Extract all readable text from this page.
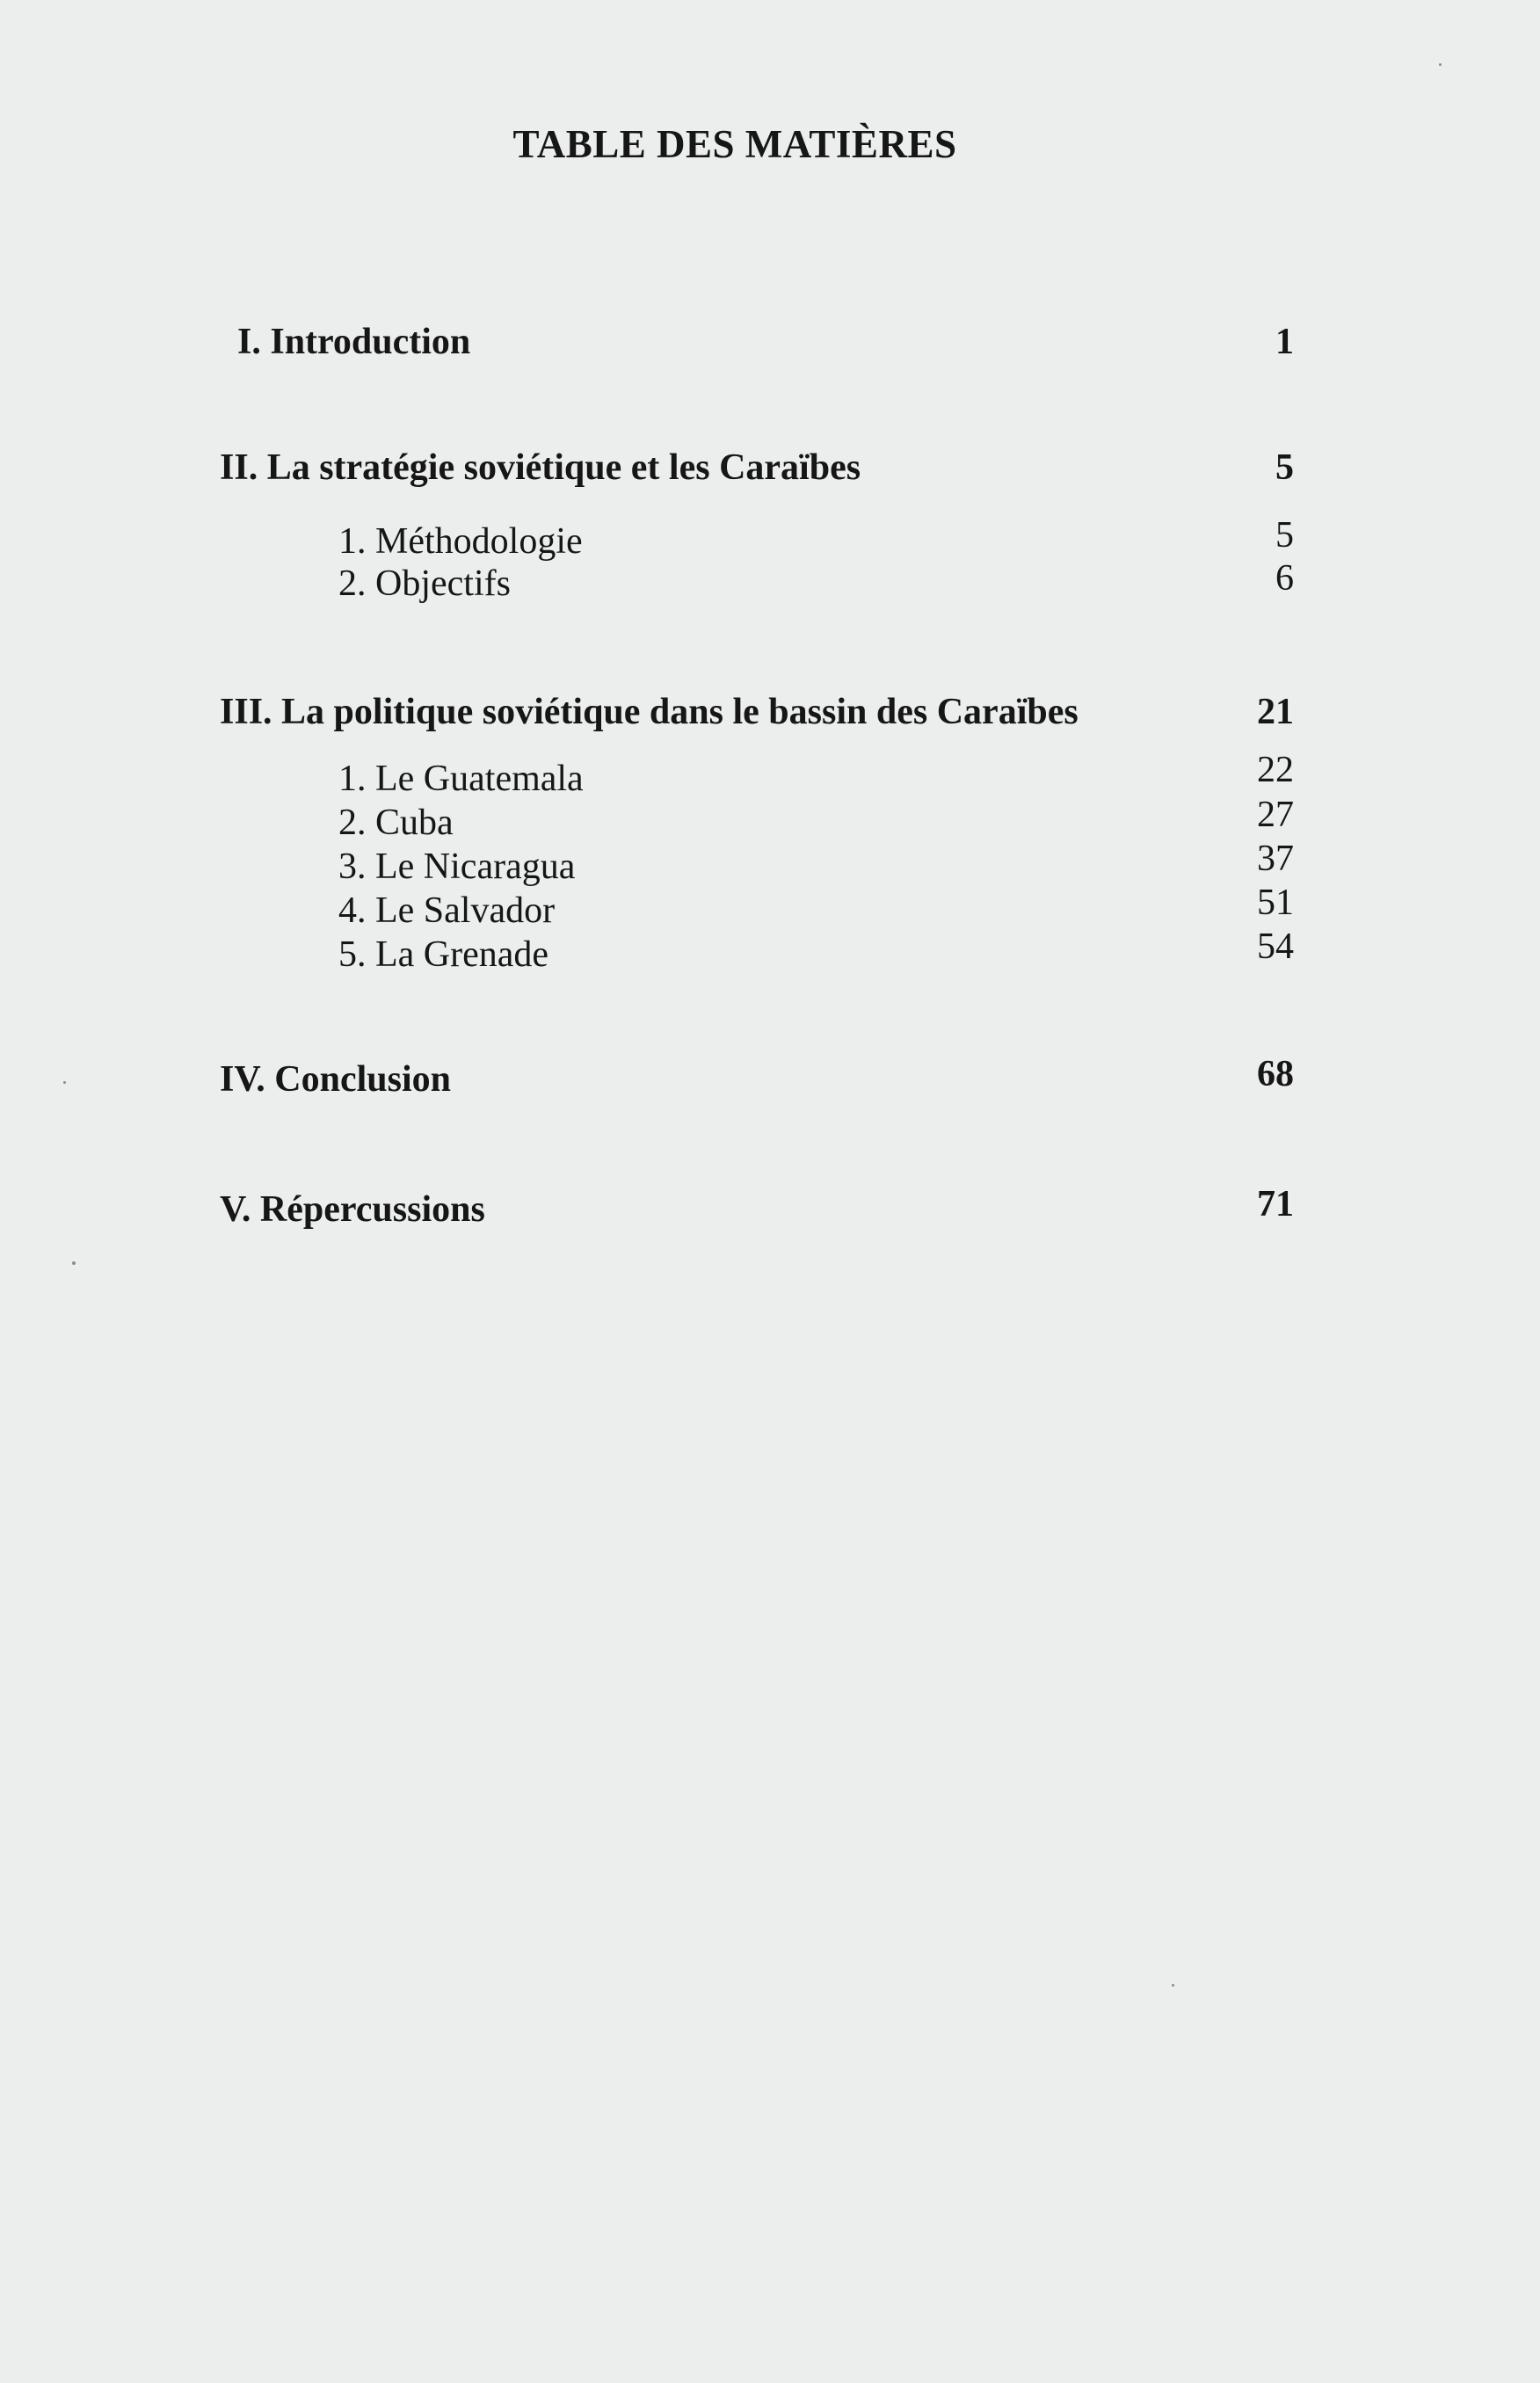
TABLE DES MATIÈRES
I. Introduction	1
II. La stratégie soviétique et les Caraïbes	5
1. Méthodologie	5
2. Objectifs	6
III. La politique soviétique dans le bassin des Caraïbes	21
1. Le Guatemala	22
2. Cuba	27
3. Le Nicaragua	37
4. Le Salvador	51
5. La Grenade	54
IV. Conclusion	68
V. Répercussions	71
